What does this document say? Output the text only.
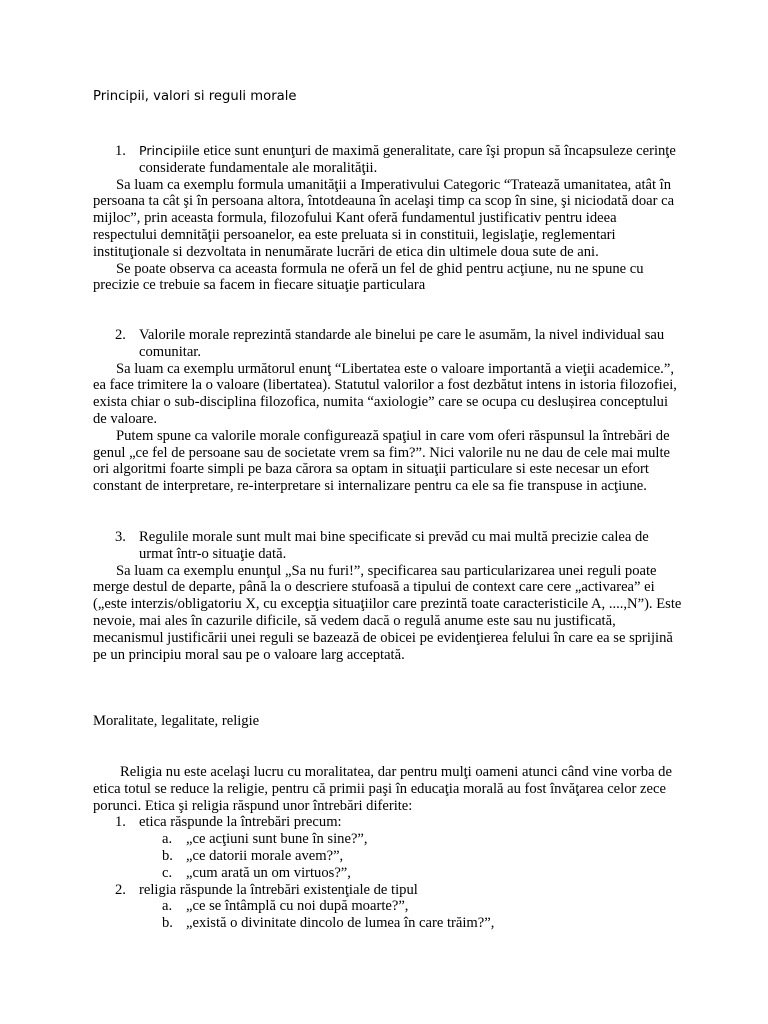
Principii, valori si reguli morale
1. Principiile etice sunt enunţuri de maximă generalitate, care îşi propun să încapsuleze cerinţe considerate fundamentale ale moralităţii.

Sa luam ca exemplu formula umanităţii a Imperativului Categoric “Tratează umanitatea, atât în persoana ta cât şi în persoana altora, întotdeauna în acelaşi timp ca scop în sine, şi niciodată doar ca mijloc”, prin aceasta formula, filozofului Kant oferă fundamentul justificativ pentru ideea respectului demnităţii persoanelor, ea este preluata si in constituii, legislaţie, reglementari instituţionale si dezvoltata in nenumărate lucrări de etica din ultimele doua sute de ani.

Se poate observa ca aceasta formula ne oferă un fel de ghid pentru acţiune, nu ne spune cu precizie ce trebuie sa facem in fiecare situaţie particulara

2. Valorile morale reprezintă standarde ale binelui pe care le asumăm, la nivel individual sau comunitar.

Sa luam ca exemplu următorul enunţ “Libertatea este o valoare importantă a vieţii academice.”, ea face trimitere la o valoare (libertatea). Statutul valorilor a fost dezbătut intens in istoria filozofiei, exista chiar o sub-disciplina filozofica, numita “axiologie” care se ocupa cu deslușirea conceptului de valoare.

Putem spune ca valorile morale configurează spaţiul in care vom oferi răspunsul la întrebări de genul „ce fel de persoane sau de societate vrem sa fim?”. Nici valorile nu ne dau de cele mai multe ori algoritmi foarte simpli pe baza cărora sa optam in situaţii particulare si este necesar un efort constant de interpretare, re-interpretare si internalizare pentru ca ele sa fie transpuse in acţiune.

3. Regulile morale sunt mult mai bine specificate si prevăd cu mai multă precizie calea de urmat într-o situaţie dată.

Sa luam ca exemplu enunţul „Sa nu furi!”, specificarea sau particularizarea unei reguli poate merge destul de departe, până la o descriere stufoasă a tipului de context care cere „activarea” ei („este interzis/obligatoriu X, cu excepţia situaţiilor care prezintă toate caracteristicile A, ....,N”). Este nevoie, mai ales în cazurile dificile, să vedem dacă o regulă anume este sau nu justificată, mecanismul justificării unei reguli se bazează de obicei pe evidenţierea felului în care ea se sprijină pe un principiu moral sau pe o valoare larg acceptată.

Moralitate, legalitate, religie

Religia nu este acelaşi lucru cu moralitatea, dar pentru mulţi oameni atunci când vine vorba de etica totul se reduce la religie, pentru că primii paşi în educaţia morală au fost învăţarea celor zece porunci. Etica şi religia răspund unor întrebări diferite:

1. etica răspunde la întrebări precum:
a. „ce acţiuni sunt bune în sine?”,
b. „ce datorii morale avem?”,
c. „cum arată un om virtuos?”,
2. religia răspunde la întrebări existenţiale de tipul
a. „ce se întâmplă cu noi după moarte?”,
b. „există o divinitate dincolo de lumea în care trăim?”,
